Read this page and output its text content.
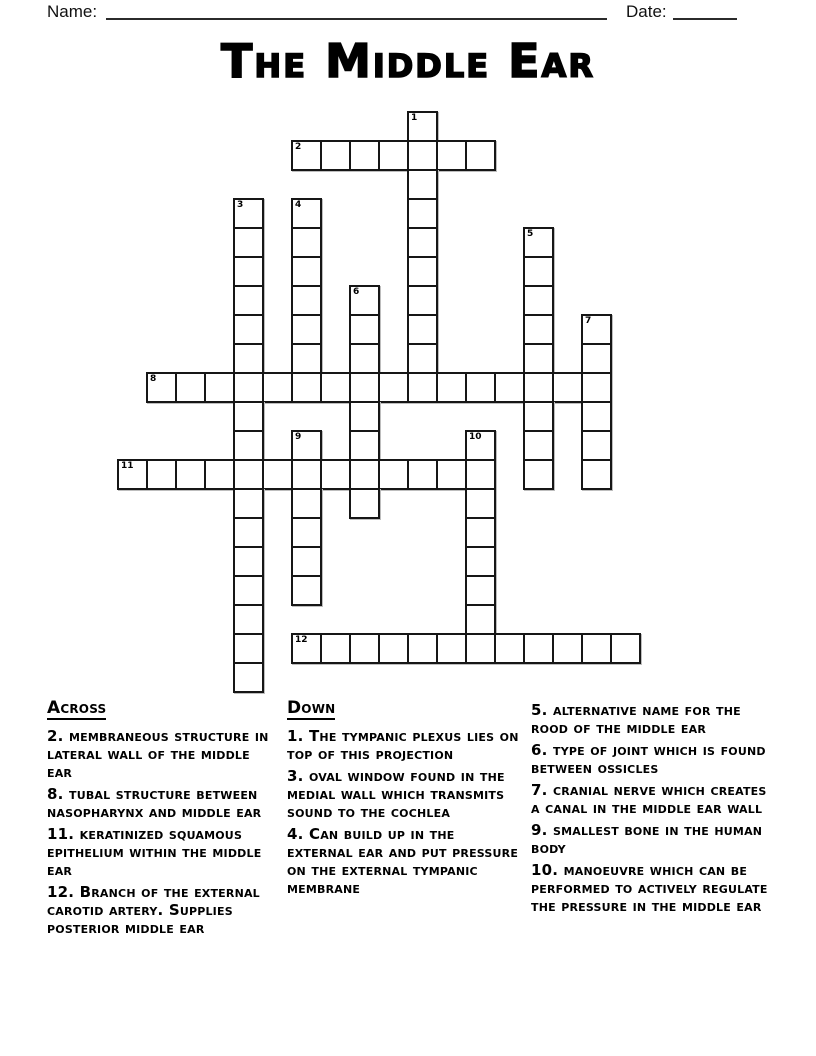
Name:	Date:
The Middle Ear
1
2
3	4
5
6
7
8
9	10
11
12
Across

2. membraneous structure in lateral wall of the middle ear

8. tubal structure between nasopharynx and middle ear

11. keratinized squamous epithelium within the middle ear

12. Branch of the external carotid artery. Supplies posterior middle ear

Down

1. The tympanic plexus lies on top of this projection

3. oval window found in the medial wall which transmits sound to the cochlea

4. Can build up in the external ear and put pressure on the external tympanic membrane

5. alternative name for the rood of the middle ear

6. type of joint which is found between ossicles

7. cranial nerve which creates a canal in the middle ear wall

9. smallest bone in the human body

10. manoeuvre which can be performed to actively regulate the pressure in the middle ear
